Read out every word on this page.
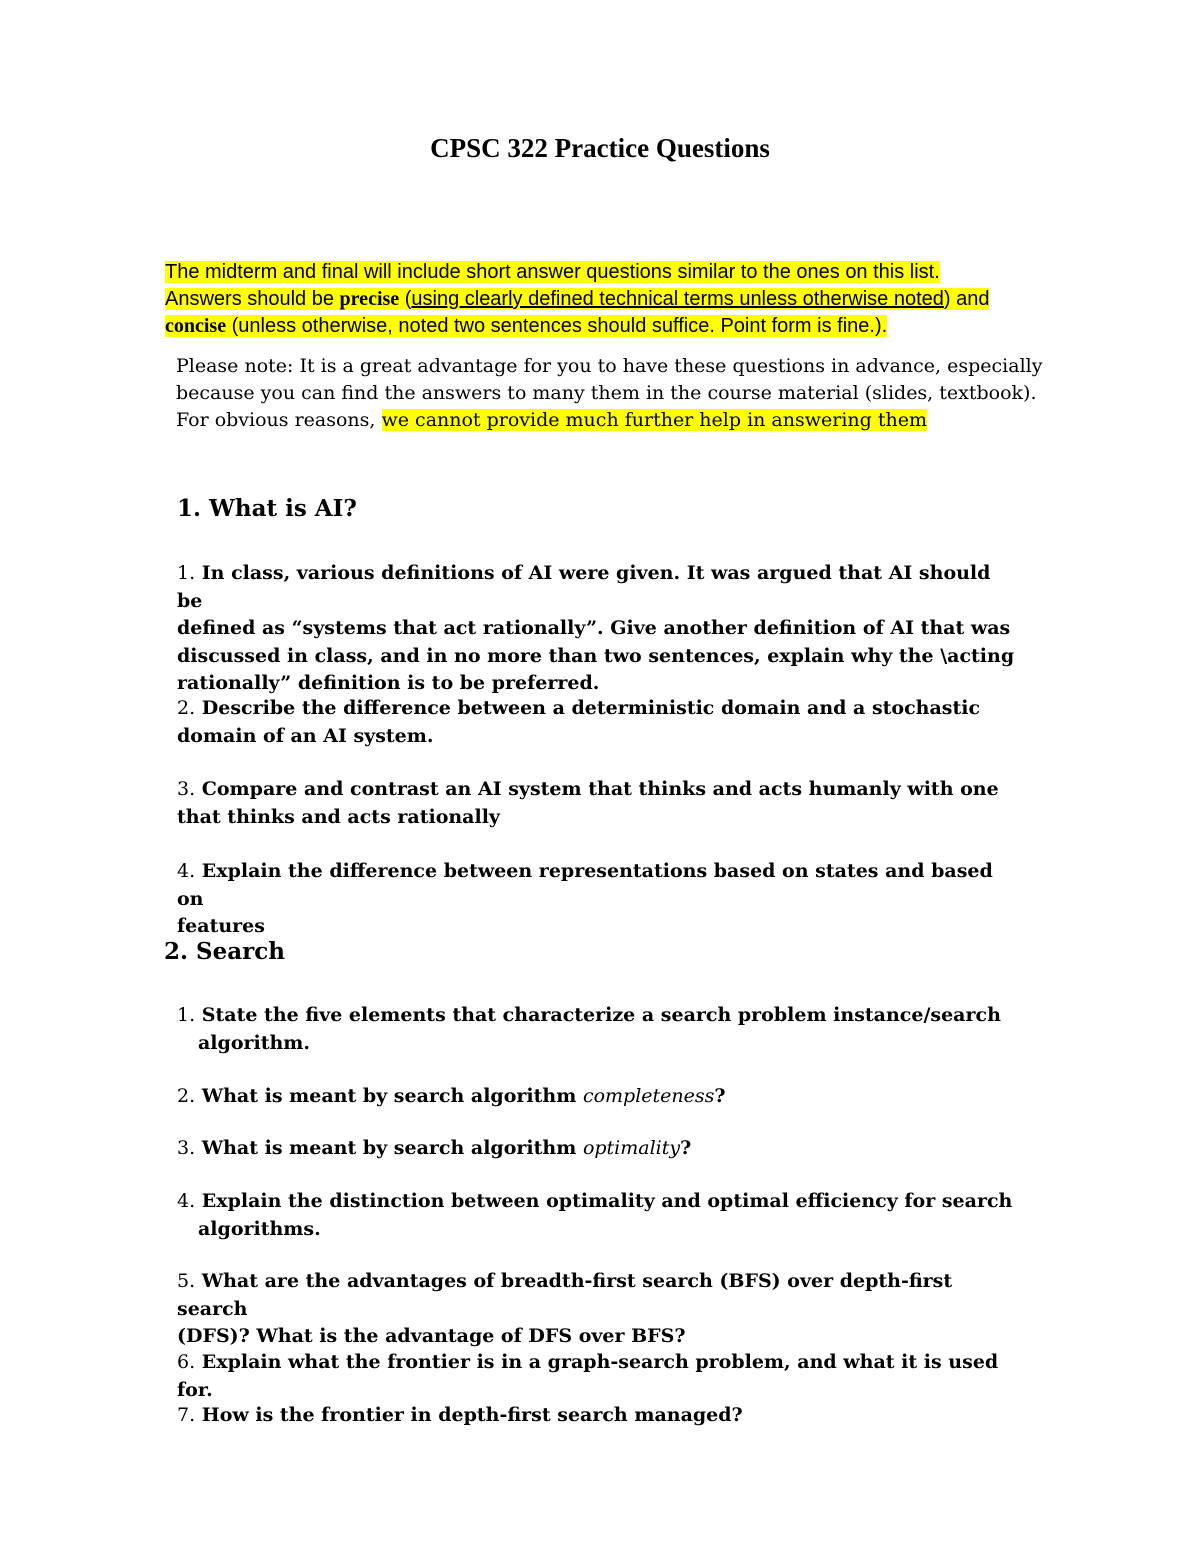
CPSC 322 Practice Questions
The midterm and final will include short answer questions similar to the ones on this list.
Answers should be precise (using clearly defined technical terms unless otherwise noted) and
concise (unless otherwise, noted two sentences should suffice. Point form is fine.).
Please note: It is a great advantage for you to have these questions in advance, especially
because you can find the answers to many them in the course material (slides, textbook).
For obvious reasons, we cannot provide much further help in answering them
1. What is AI?
1. In class, various definitions of AI were given. It was argued that AI should be
defined as “systems that act rationally”. Give another definition of AI that was
discussed in class, and in no more than two sentences, explain why the \acting
rationally” definition is to be preferred.
2. Describe the difference between a deterministic domain and a stochastic
domain of an AI system.
3. Compare and contrast an AI system that thinks and acts humanly with one
that thinks and acts rationally
4. Explain the difference between representations based on states and based on
features
2. Search
1. State the five elements that characterize a search problem instance/search
algorithm.
2. What is meant by search algorithm completeness?
3. What is meant by search algorithm optimality?
4. Explain the distinction between optimality and optimal efficiency for search
algorithms.
5. What are the advantages of breadth-first search (BFS) over depth-first search
(DFS)? What is the advantage of DFS over BFS?
6. Explain what the frontier is in a graph-search problem, and what it is used for.
7. How is the frontier in depth-first search managed?
